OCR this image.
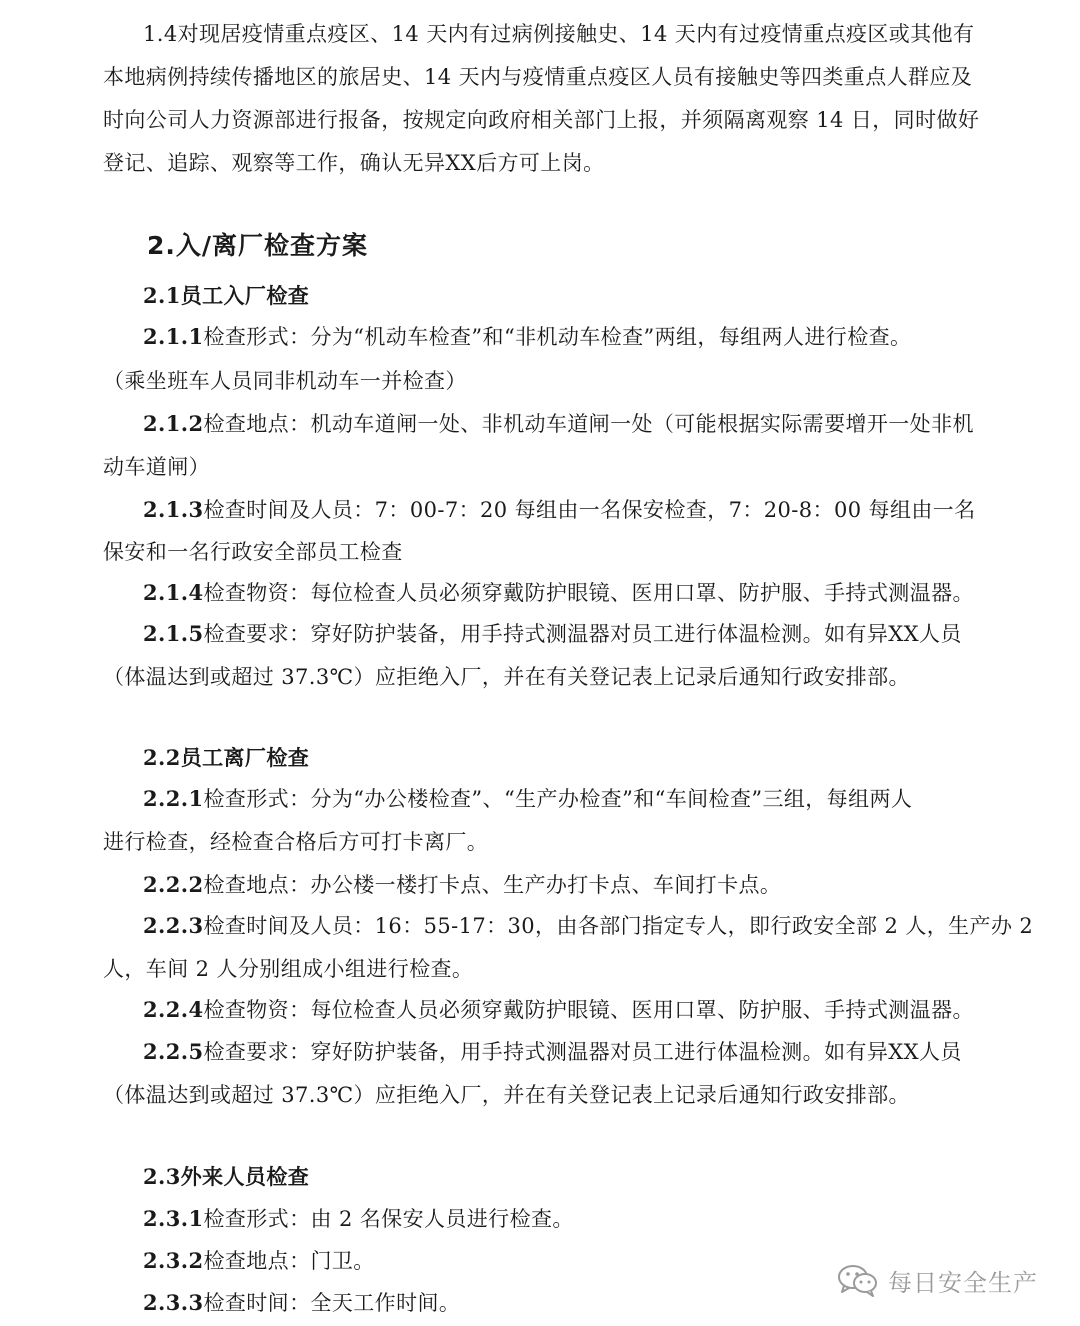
1.4对现居疫情重点疫区、14 天内有过病例接触史、14 天内有过疫情重点疫区或其他有
本地病例持续传播地区的旅居史、14 天内与疫情重点疫区人员有接触史等四类重点人群应及
时向公司人力资源部进行报备，按规定向政府相关部门上报，并须隔离观察 14 日，同时做好
登记、追踪、观察等工作，确认无异XX后方可上岗。
2.入/离厂检查方案
2.1员工入厂检查
2.1.1检查形式：分为“机动车检查”和“非机动车检查”两组，每组两人进行检查。
（乘坐班车人员同非机动车一并检查）
2.1.2检查地点：机动车道闸一处、非机动车道闸一处（可能根据实际需要增开一处非机
动车道闸）
2.1.3检查时间及人员：7：00-7：20 每组由一名保安检查，7：20-8：00 每组由一名
保安和一名行政安全部员工检查
2.1.4检查物资：每位检查人员必须穿戴防护眼镜、医用口罩、防护服、手持式测温器。
2.1.5检查要求：穿好防护装备，用手持式测温器对员工进行体温检测。如有异XX人员
（体温达到或超过 37.3℃）应拒绝入厂，并在有关登记表上记录后通知行政安排部。
2.2员工离厂检查
2.2.1检查形式：分为“办公楼检查”、“生产办检查”和“车间检查”三组，每组两人
进行检查，经检查合格后方可打卡离厂。
2.2.2检查地点：办公楼一楼打卡点、生产办打卡点、车间打卡点。
2.2.3检查时间及人员：16：55-17：30，由各部门指定专人，即行政安全部 2 人，生产办 2
人，车间 2 人分别组成小组进行检查。
2.2.4检查物资：每位检查人员必须穿戴防护眼镜、医用口罩、防护服、手持式测温器。
2.2.5检查要求：穿好防护装备，用手持式测温器对员工进行体温检测。如有异XX人员
（体温达到或超过 37.3℃）应拒绝入厂，并在有关登记表上记录后通知行政安排部。
2.3外来人员检查
2.3.1检查形式：由 2 名保安人员进行检查。
2.3.2检查地点：门卫。
2.3.3检查时间：全天工作时间。
每日安全生产
